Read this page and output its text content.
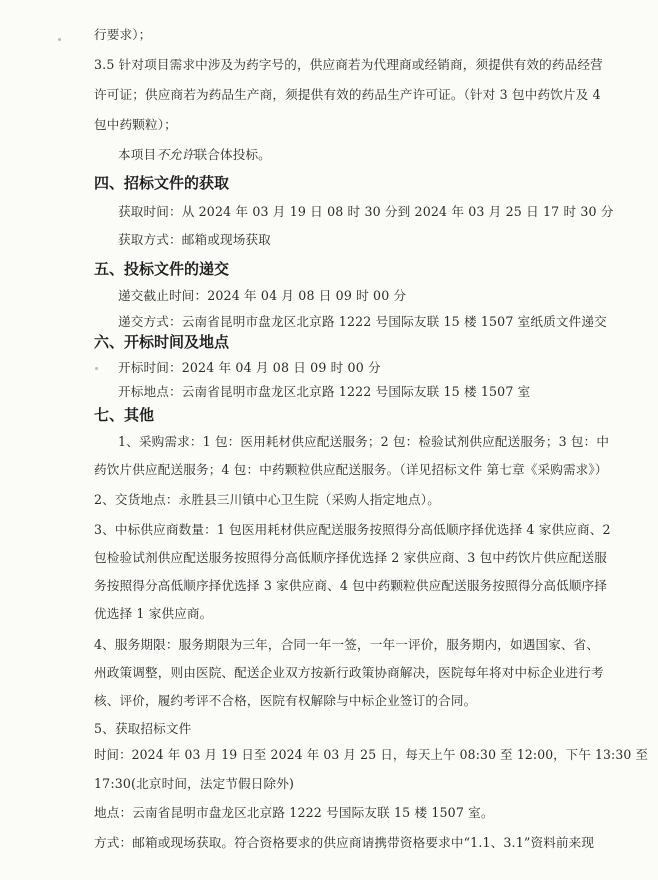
行要求）；
3.5 针对项目需求中涉及为药字号的，供应商若为代理商或经销商，须提供有效的药品经营
许可证；供应商若为药品生产商，须提供有效的药品生产许可证。（针对 3 包中药饮片及 4
包中药颗粒）；
本项目不允许联合体投标。
四、招标文件的获取
获取时间：从 2024 年 03 月 19 日 08 时 30 分到 2024 年 03 月 25 日 17 时 30 分
获取方式：邮箱或现场获取
五、投标文件的递交
递交截止时间：2024 年 04 月 08 日 09 时 00 分
递交方式：云南省昆明市盘龙区北京路 1222 号国际友联 15 楼 1507 室纸质文件递交
六、开标时间及地点
开标时间：2024 年 04 月 08 日 09 时 00 分
开标地点：云南省昆明市盘龙区北京路 1222 号国际友联 15 楼 1507 室
七、其他
1、采购需求：1 包：医用耗材供应配送服务；2 包：检验试剂供应配送服务；3 包：中
药饮片供应配送服务；4 包：中药颗粒供应配送服务。（详见招标文件 第七章《采购需求》）
2、交货地点：永胜县三川镇中心卫生院（采购人指定地点）。
3、中标供应商数量：1 包医用耗材供应配送服务按照得分高低顺序择优选择 4 家供应商、2
包检验试剂供应配送服务按照得分高低顺序择优选择 2 家供应商、3 包中药饮片供应配送服
务按照得分高低顺序择优选择 3 家供应商、4 包中药颗粒供应配送服务按照得分高低顺序择
优选择 1 家供应商。
4、服务期限：服务期限为三年，合同一年一签，一年一评价，服务期内，如遇国家、省、
州政策调整，则由医院、配送企业双方按新行政策协商解决，医院每年将对中标企业进行考
核、评价，履约考评不合格，医院有权解除与中标企业签订的合同。
5、获取招标文件
时间：2024 年 03 月 19 日至 2024 年 03 月 25 日，每天上午 08:30 至 12:00，下午 13:30 至
17:30(北京时间，法定节假日除外)
地点：云南省昆明市盘龙区北京路 1222 号国际友联 15 楼 1507 室。
方式：邮箱或现场获取。符合资格要求的供应商请携带资格要求中“1.1、3.1”资料前来现
